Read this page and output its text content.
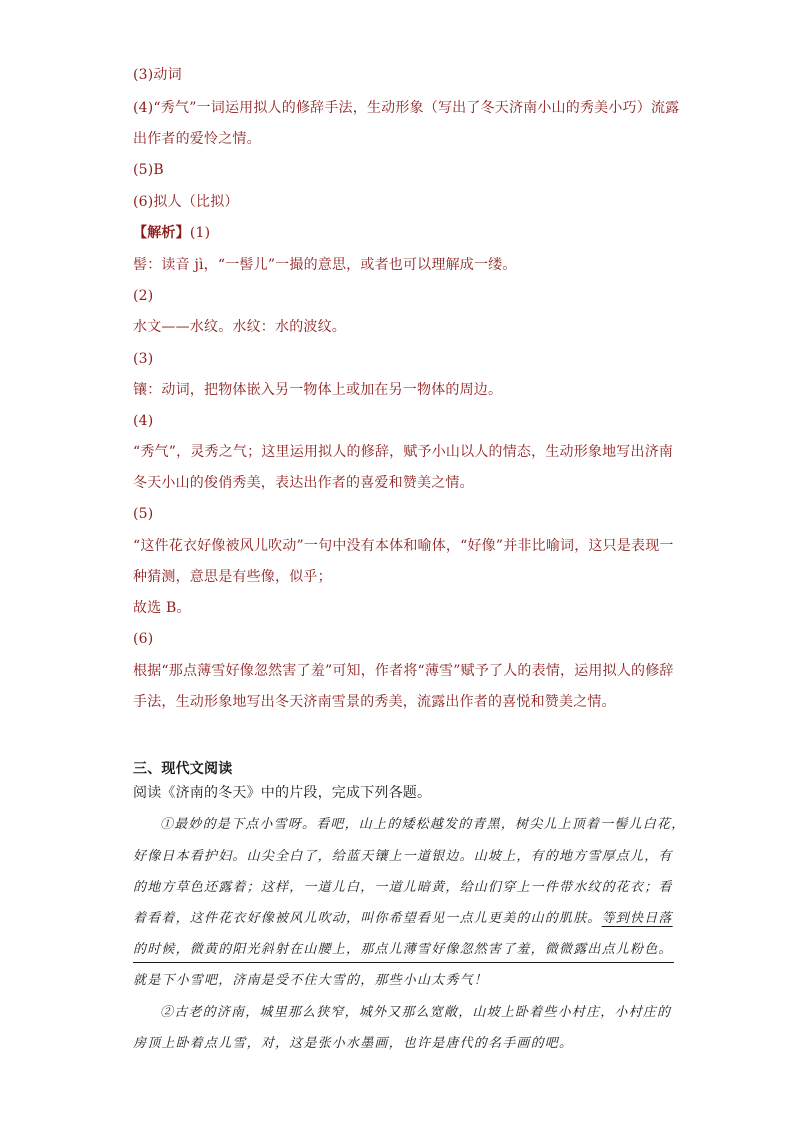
(3)动词
(4)“秀气”一词运用拟人的修辞手法，生动形象（写出了冬天济南小山的秀美小巧）流露
出作者的爱怜之情。
(5)B
(6)拟人（比拟）
【解析】(1)
髻：读音 jì，“一髻儿”一撮的意思，或者也可以理解成一缕。
(2)
水文——水纹。水纹：水的波纹。
(3)
镶：动词，把物体嵌入另一物体上或加在另一物体的周边。
(4)
“秀气”，灵秀之气；这里运用拟人的修辞，赋予小山以人的情态，生动形象地写出济南
冬天小山的俊俏秀美，表达出作者的喜爱和赞美之情。
(5)
“这件花衣好像被风儿吹动”一句中没有本体和喻体，“好像”并非比喻词，这只是表现一
种猜测，意思是有些像，似乎；
故选 B。
(6)
根据“那点薄雪好像忽然害了羞”可知，作者将“薄雪”赋予了人的表情，运用拟人的修辞
手法，生动形象地写出冬天济南雪景的秀美，流露出作者的喜悦和赞美之情。
三、现代文阅读
阅读《济南的冬天》中的片段，完成下列各题。
①最妙的是下点小雪呀。看吧，山上的矮松越发的青黑，树尖儿上顶着一髻儿白花，
好像日本看护妇。山尖全白了，给蓝天镶上一道银边。山坡上，有的地方雪厚点儿，有
的地方草色还露着；这样，一道儿白，一道儿暗黄，给山们穿上一件带水纹的花衣；看
着看着，这件花衣好像被风儿吹动，叫你希望看见一点儿更美的山的肌肤。等到快日落
的时候，微黄的阳光斜射在山腰上，那点儿薄雪好像忽然害了羞，微微露出点儿粉色。
就是下小雪吧，济南是受不住大雪的，那些小山太秀气！
②古老的济南，城里那么狭窄，城外又那么宽敞，山坡上卧着些小村庄，小村庄的
房顶上卧着点儿雪，对，这是张小水墨画，也许是唐代的名手画的吧。
